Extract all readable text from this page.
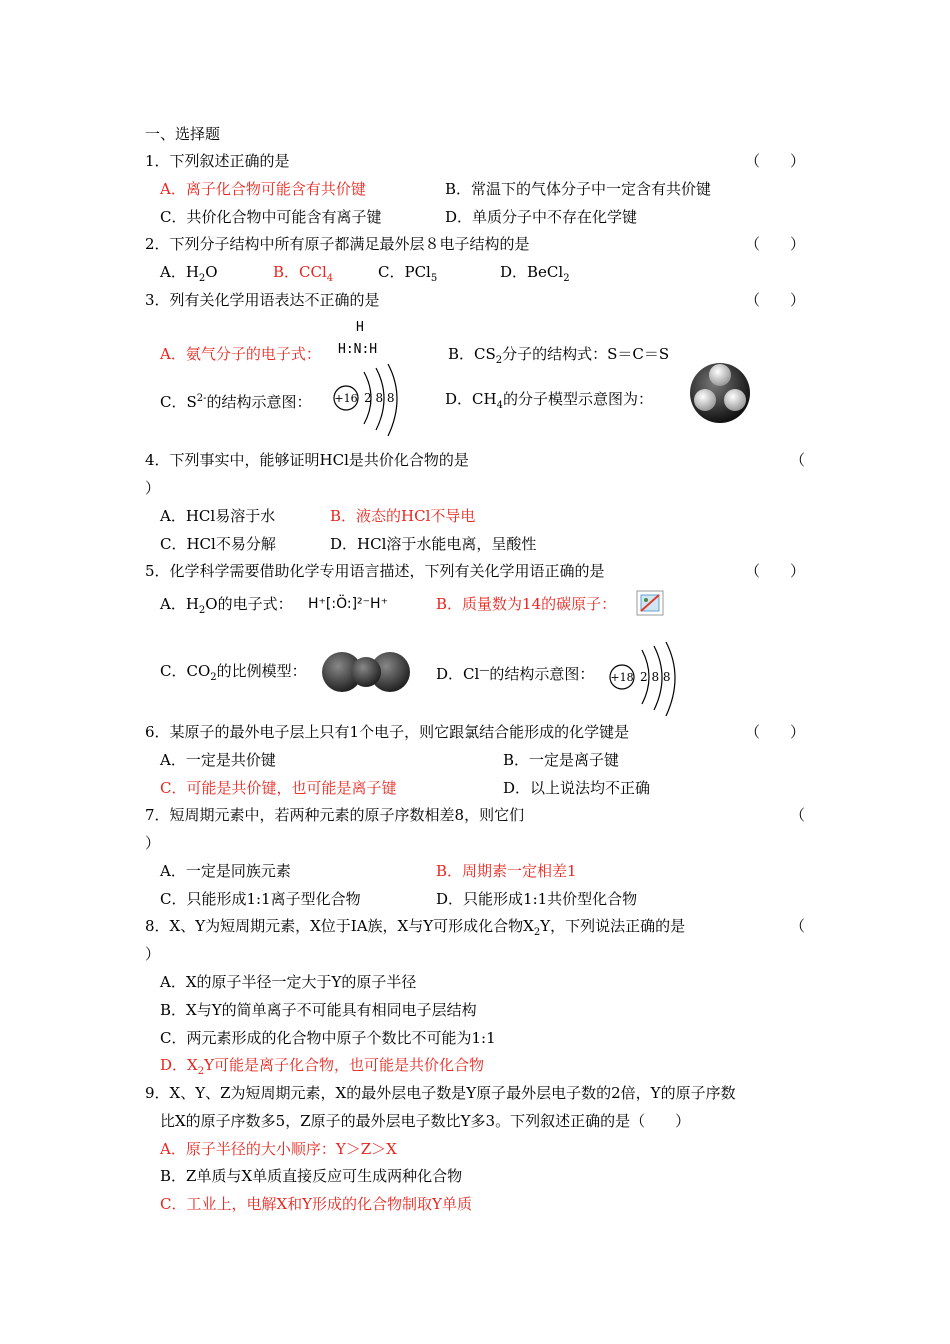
一、选择题
1．下列叙述正确的是	（　　）
A．离子化合物可能含有共价键	B．常温下的气体分子中一定含有共价键
C．共价化合物中可能含有离子键	D．单质分子中不存在化学键
2．下列分子结构中所有原子都满足最外层８电子结构的是	（　　）
A．$H_2O$	B．CCl$_4$	C．PCl$_5$	D．BeCl$_2$
3．列有关化学用语表达不正确的是	（　　）
A．氨气分子的电子式：
H
H:N:H	B．$CS_2$分子的结构式：S＝C＝S
C．$S^{2-}$的结构示意图： +16 2 8 8	D．$CH_4$的分子模型示意图为：
4．下列事实中，能够证明HCl是共价化合物的是	（
）
A．HCl易溶于水	B．液态的HCl不导电
C．HCl不易分解	D．HCl溶于水能电离，呈酸性
5．化学科学需要借助化学专用语言描述，下列有关化学用语正确的是	（　　）
A．$H_2O$的电子式： H⁺[:Ö:]²⁻H⁺	B．质量数为14的碳原子：
C．$CO_2$的比例模型：	D．Cl—的结构示意图： +18 2 8 8
6．某原子的最外电子层上只有1个电子，则它跟氯结合能形成的化学键是	（　　）
A．一定是共价键	B．一定是离子键
C．可能是共价键，也可能是离子键	D．以上说法均不正确
7．短周期元素中，若两种元素的原子序数相差8，则它们	（
）
A．一定是同族元素	B．周期素一定相差1
C．只能形成1:1离子型化合物	D．只能形成1:1共价型化合物
8．X、Y为短周期元素，X位于IA族，X与Y可形成化合物$X_2Y$，下列说法正确的是	（
）
A．X的原子半径一定大于Y的原子半径
B．X与Y的简单离子不可能具有相同电子层结构
C．两元素形成的化合物中原子个数比不可能为1:1
D．$X_2Y$可能是离子化合物，也可能是共价化合物
9．X、Y、Z为短周期元素，X的最外层电子数是Y原子最外层电子数的2倍，Y的原子序数
比X的原子序数多5，Z原子的最外层电子数比Y多3。下列叙述正确的是（　　）
A．原子半径的大小顺序：Y＞Z＞X
B．Z单质与X单质直接反应可生成两种化合物
C．工业上，电解X和Y形成的化合物制取Y单质
